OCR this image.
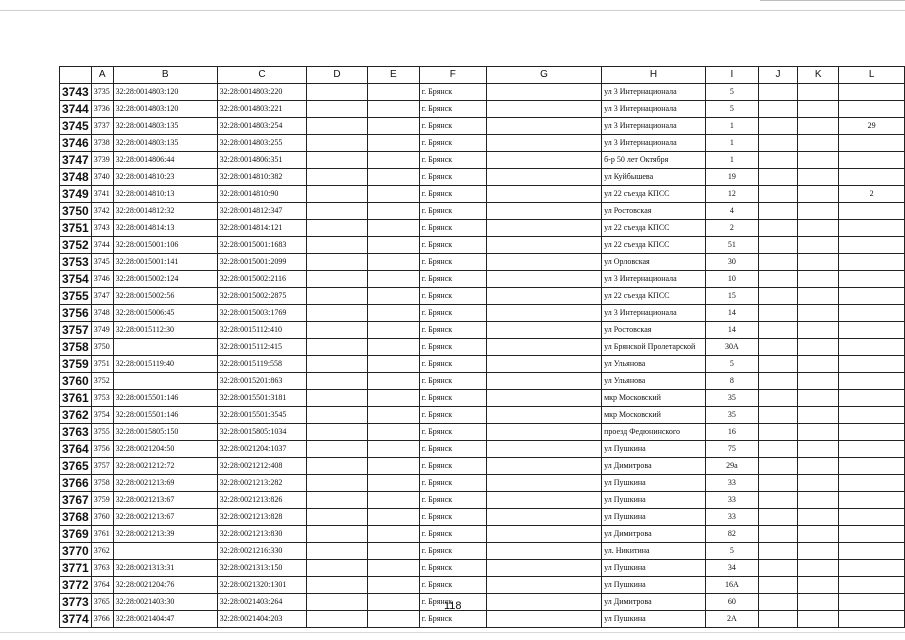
	A	B	C	D	E	F	G	H	I	J	K	L
3743	3735	32:28:0014803:120	32:28:0014803:220			г. Брянск		ул 3 Интернационала	5			
3744	3736	32:28:0014803:120	32:28:0014803:221			г. Брянск		ул 3 Интернационала	5			
3745	3737	32:28:0014803:135	32:28:0014803:254			г. Брянск		ул 3 Интернационала	1			29
3746	3738	32:28:0014803:135	32:28:0014803:255			г. Брянск		ул 3 Интернационала	1			
3747	3739	32:28:0014806:44	32:28:0014806:351			г. Брянск		б-р 50 лет Октября	1			
3748	3740	32:28:0014810:23	32:28:0014810:382			г. Брянск		ул Куйбышева	19			
3749	3741	32:28:0014810:13	32:28:0014810:90			г. Брянск		ул 22 съезда КПСС	12			2
3750	3742	32:28:0014812:32	32:28:0014812:347			г. Брянск		ул Ростовская	4			
3751	3743	32:28:0014814:13	32:28:0014814:121			г. Брянск		ул 22 съезда КПСС	2			
3752	3744	32:28:0015001:106	32:28:0015001:1683			г. Брянск		ул 22 съезда КПСС	51			
3753	3745	32:28:0015001:141	32:28:0015001:2099			г. Брянск		ул Орловская	30			
3754	3746	32:28:0015002:124	32:28:0015002:2116			г. Брянск		ул 3 Интернационала	10			
3755	3747	32:28:0015002:56	32:28:0015002:2875			г. Брянск		ул 22 съезда КПСС	15			
3756	3748	32:28:0015006:45	32:28:0015003:1769			г. Брянск		ул 3 Интернационала	14			
3757	3749	32:28:0015112:30	32:28:0015112:410			г. Брянск		ул Ростовская	14			
3758	3750		32:28:0015112:415			г. Брянск		ул Брянской Пролетарской	30А			
3759	3751	32:28:0015119:40	32:28:0015119:558			г. Брянск		ул Ульянова	5			
3760	3752		32:28:0015201:863			г. Брянск		ул Ульянова	8			
3761	3753	32:28:0015501:146	32:28:0015501:3181			г. Брянск		мкр Московский	35			
3762	3754	32:28:0015501:146	32:28:0015501:3545			г. Брянск		мкр Московский	35			
3763	3755	32:28:0015805:150	32:28:0015805:1034			г. Брянск		проезд Федюнинского	16			
3764	3756	32:28:0021204:50	32:28:0021204:1037			г. Брянск		ул Пушкина	75			
3765	3757	32:28:0021212:72	32:28:0021212:408			г. Брянск		ул Димитрова	29а			
3766	3758	32:28:0021213:69	32:28:0021213:282			г. Брянск		ул Пушкина	33			
3767	3759	32:28:0021213:67	32:28:0021213:826			г. Брянск		ул Пушкина	33			
3768	3760	32:28:0021213:67	32:28:0021213:828			г. Брянск		ул Пушкина	33			
3769	3761	32:28:0021213:39	32:28:0021213:830			г. Брянск		ул Димитрова	82			
3770	3762		32:28:0021216:330			г. Брянск		ул. Никитина	5			
3771	3763	32:28:0021313:31	32:28:0021313:150			г. Брянск		ул Пушкина	34			
3772	3764	32:28:0021204:76	32:28:0021320:1301			г. Брянск		ул Пушкина	16А			
3773	3765	32:28:0021403:30	32:28:0021403:264			г. Брянск		ул Димитрова	60			
3774	3766	32:28:0021404:47	32:28:0021404:203			г. Брянск		ул Пушкина	2А			
118
